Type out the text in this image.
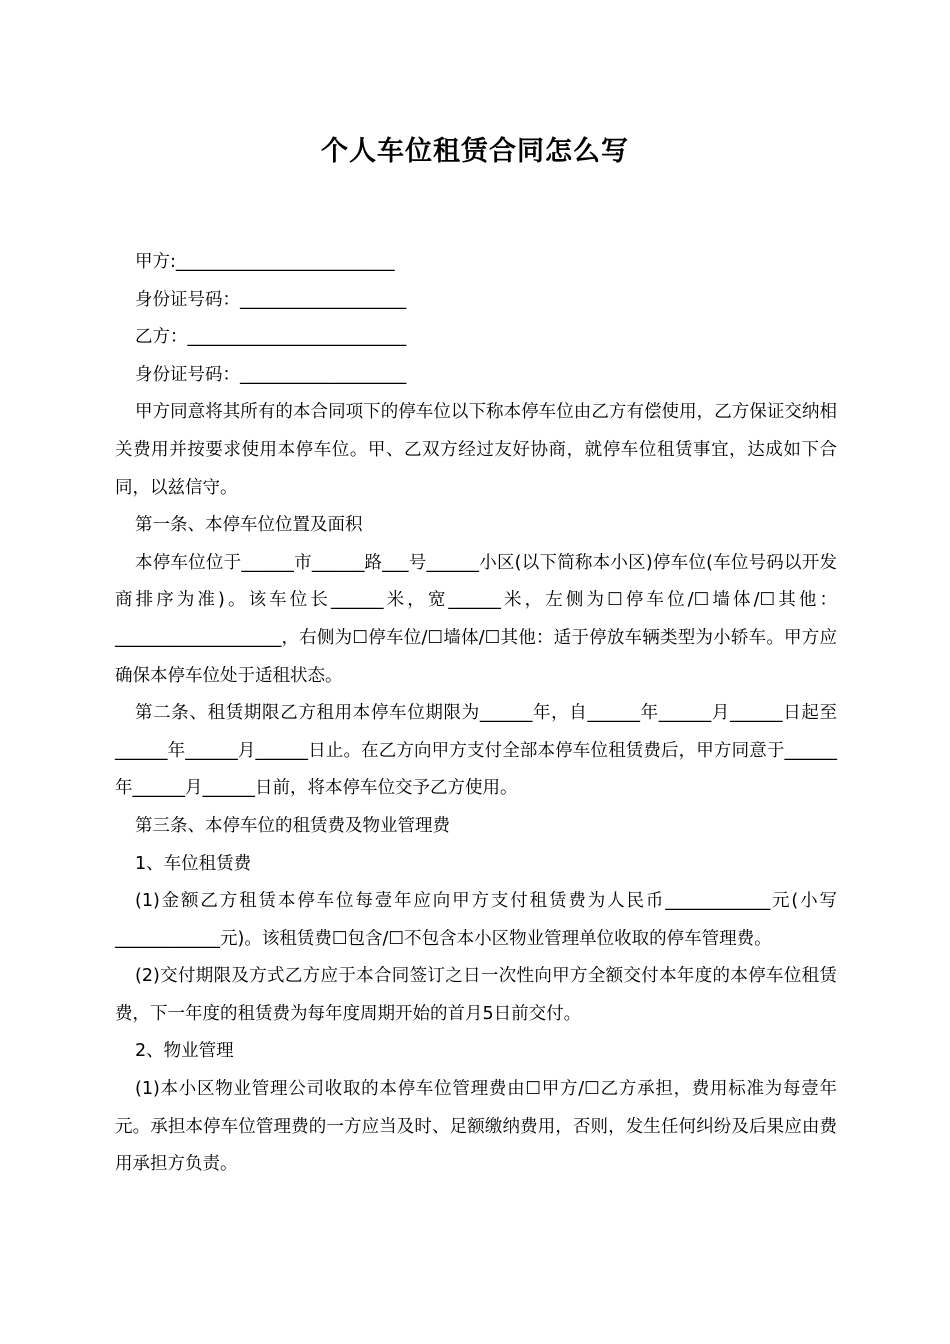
个人车位租赁合同怎么写

甲方:_________________________

身份证号码：___________________

乙方：_________________________

身份证号码：___________________

甲方同意将其所有的本合同项下的停车位以下称本停车位由乙方有偿使用，乙方保证交纳相关费用并按要求使用本停车位。甲、乙双方经过友好协商，就停车位租赁事宜，达成如下合同，以兹信守。

第一条、本停车位位置及面积

本停车位位于______市______路___号______小区(以下简称本小区)停车位(车位号码以开发商排序为准)。该车位长______米，宽______米，左侧为☐停车位/☐墙体/☐其他：___________________，右侧为☐停车位/☐墙体/☐其他：适于停放车辆类型为小轿车。甲方应确保本停车位处于适租状态。

第二条、租赁期限乙方租用本停车位期限为______年，自______年______月______日起至______年______月______日止。在乙方向甲方支付全部本停车位租赁费后，甲方同意于______年______月______日前，将本停车位交予乙方使用。

第三条、本停车位的租赁费及物业管理费

1、车位租赁费

(1)金额乙方租赁本停车位每壹年应向甲方支付租赁费为人民币____________元(小写____________元)。该租赁费☐包含/☐不包含本小区物业管理单位收取的停车管理费。

(2)交付期限及方式乙方应于本合同签订之日一次性向甲方全额交付本年度的本停车位租赁费，下一年度的租赁费为每年度周期开始的首月5日前交付。

2、物业管理

(1)本小区物业管理公司收取的本停车位管理费由☐甲方/☐乙方承担，费用标准为每壹年元。承担本停车位管理费的一方应当及时、足额缴纳费用，否则，发生任何纠纷及后果应由费用承担方负责。
